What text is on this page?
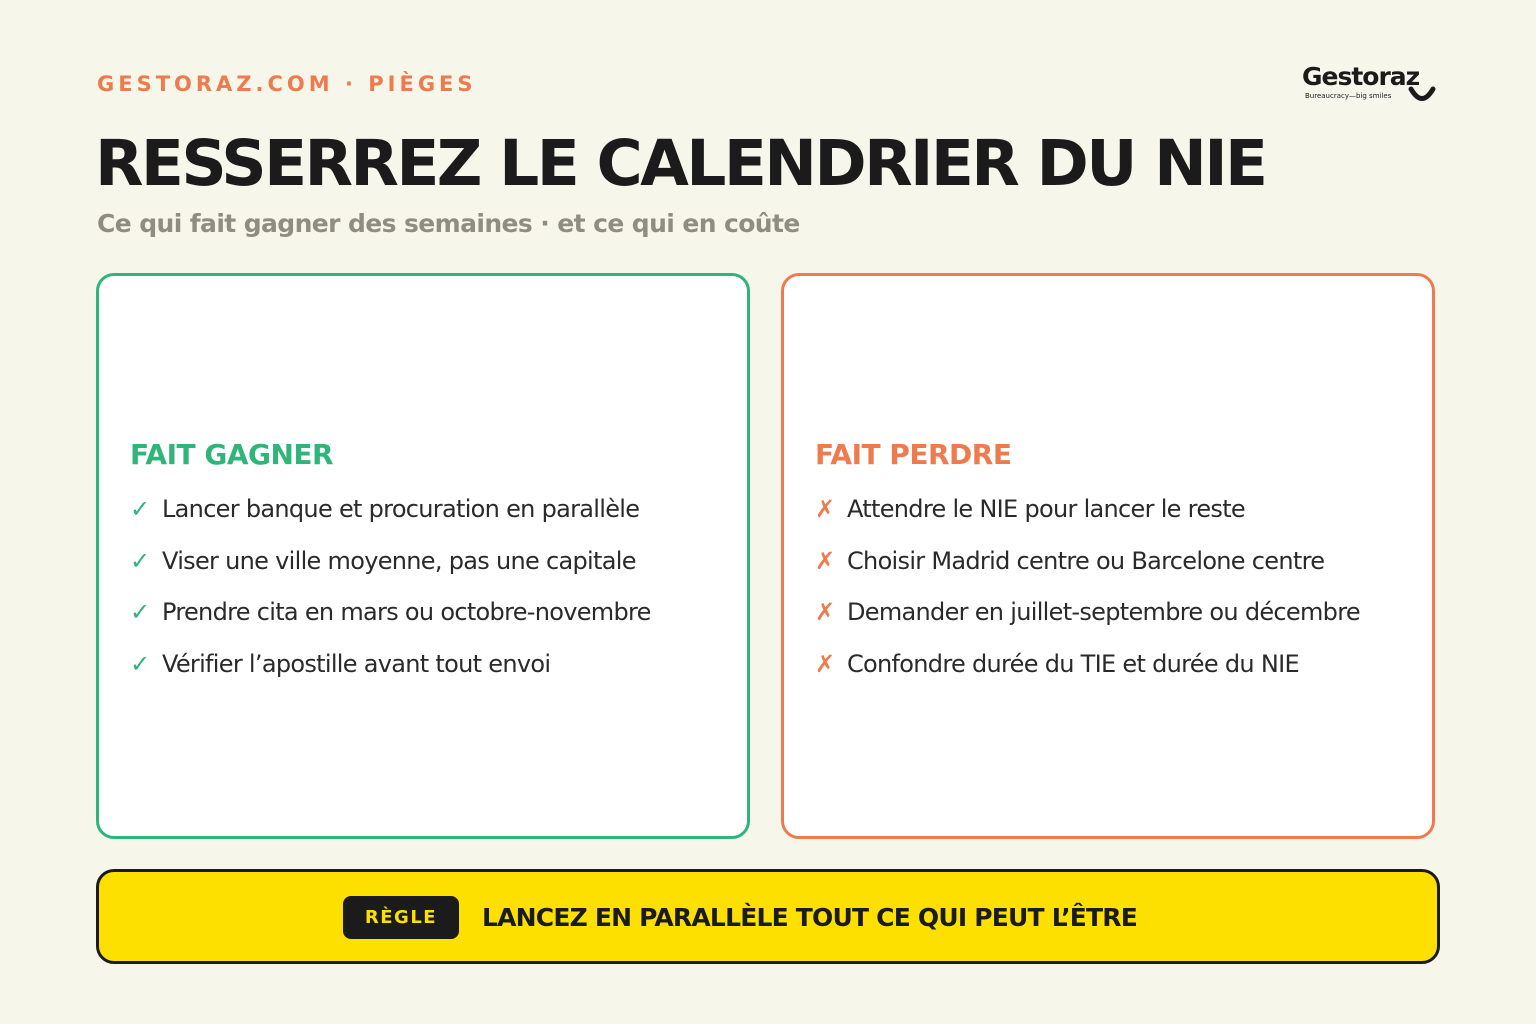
GESTORAZ.COM · PIÈGES	Gestoraz
Bureaucracy—big smiles
RESSERREZ LE CALENDRIER DU NIE
Ce qui fait gagner des semaines · et ce qui en coûte
FAIT GAGNER
✓ Lancer banque et procuration en parallèle
✓ Viser une ville moyenne, pas une capitale
✓ Prendre cita en mars ou octobre-novembre
✓ Vérifier l’apostille avant tout envoi
FAIT PERDRE
✗ Attendre le NIE pour lancer le reste
✗ Choisir Madrid centre ou Barcelone centre
✗ Demander en juillet-septembre ou décembre
✗ Confondre durée du TIE et durée du NIE
RÈGLE	LANCEZ EN PARALLÈLE TOUT CE QUI PEUT L’ÊTRE
